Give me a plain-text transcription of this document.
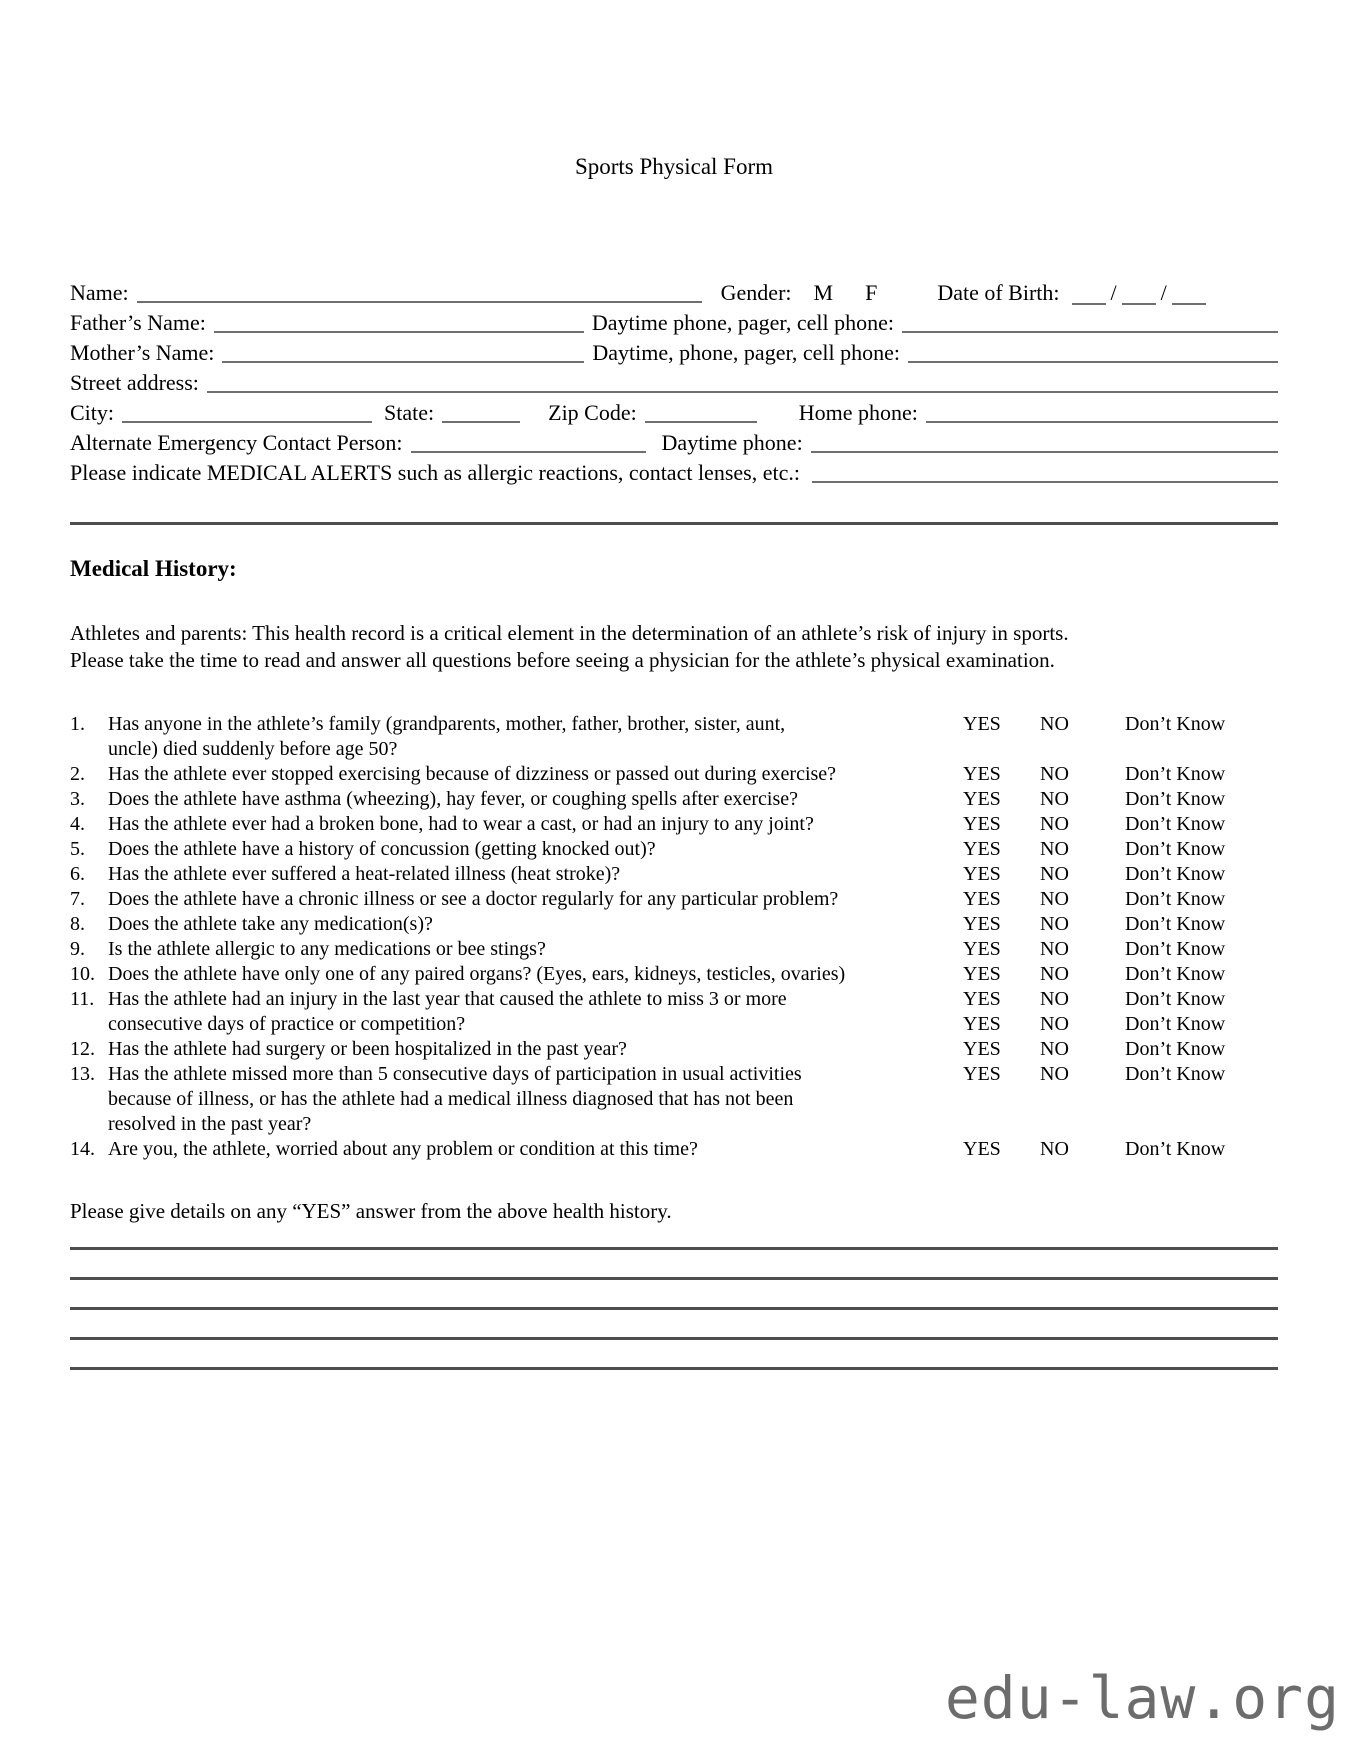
Sports Physical Form
Name:	Gender: M F	Date of Birth:	/ /
Father’s Name:	Daytime phone, pager, cell phone:
Mother’s Name:	Daytime, phone, pager, cell phone:
Street address:
City:	State:	Zip Code:	Home phone:
Alternate Emergency Contact Person:	Daytime phone:
Please indicate MEDICAL ALERTS such as allergic reactions, contact lenses, etc.:
Medical History:
Athletes and parents: This health record is a critical element in the determination of an athlete’s risk of injury in sports.
Please take the time to read and answer all questions before seeing a physician for the athlete’s physical examination.
1.	Has anyone in the athlete’s family (grandparents, mother, father, brother, sister, aunt,	YES	NO	Don’t Know
uncle) died suddenly before age 50?
2.	Has the athlete ever stopped exercising because of dizziness or passed out during exercise?	YES	NO	Don’t Know
3.	Does the athlete have asthma (wheezing), hay fever, or coughing spells after exercise?	YES	NO	Don’t Know
4.	Has the athlete ever had a broken bone, had to wear a cast, or had an injury to any joint?	YES	NO	Don’t Know
5.	Does the athlete have a history of concussion (getting knocked out)?	YES	NO	Don’t Know
6.	Has the athlete ever suffered a heat-related illness (heat stroke)?	YES	NO	Don’t Know
7.	Does the athlete have a chronic illness or see a doctor regularly for any particular problem?	YES	NO	Don’t Know
8.	Does the athlete take any medication(s)?	YES	NO	Don’t Know
9.	Is the athlete allergic to any medications or bee stings?	YES	NO	Don’t Know
10. Does the athlete have only one of any paired organs? (Eyes, ears, kidneys, testicles, ovaries)	YES	NO	Don’t Know
11. Has the athlete had an injury in the last year that caused the athlete to miss 3 or more	YES	NO	Don’t Know
consecutive days of practice or competition?	YES	NO	Don’t Know
12. Has the athlete had surgery or been hospitalized in the past year?	YES	NO	Don’t Know
13. Has the athlete missed more than 5 consecutive days of participation in usual activities	YES	NO	Don’t Know
because of illness, or has the athlete had a medical illness diagnosed that has not been
resolved in the past year?
14. Are you, the athlete, worried about any problem or condition at this time?	YES	NO	Don’t Know
Please give details on any “YES” answer from the above health history.
edu-law.org
